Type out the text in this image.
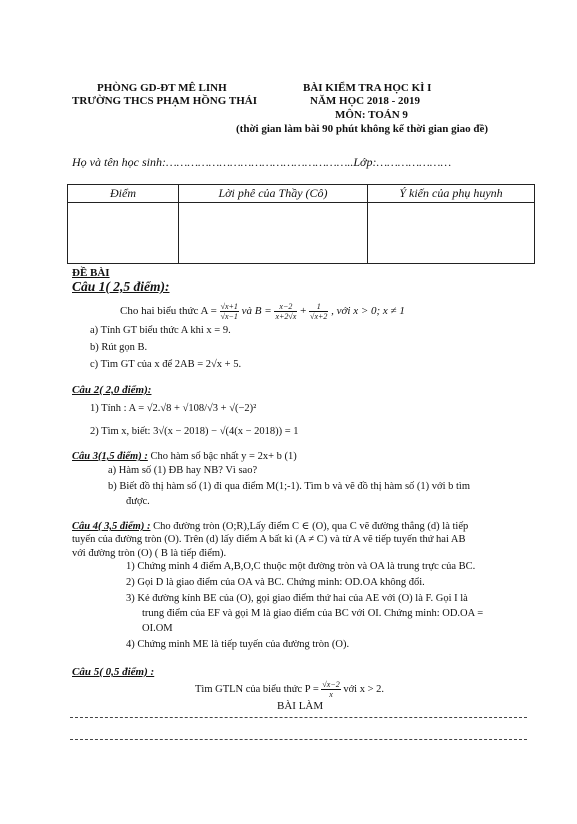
PHÒNG GD-ĐT MÊ LINH
TRƯỜNG THCS PHẠM HỒNG THÁI
BÀI KIỂM TRA HỌC KÌ I
NĂM HỌC 2018 - 2019
MÔN: TOÁN 9
(thời gian làm bài 90 phút không kể thời gian giao đề)
Họ và tên học sinh:……………………………………………..Lớp:…………………
Điểm	Lời phê của Thầy (Cô)	Ý kiến của phụ huynh

ĐỀ BÀI
Câu 1( 2,5 điểm):
Cho hai biểu thức $A = \frac{√x+1}{√x-1}$ và $B = \frac{x-2}{x+2√x} + \frac{1}{√x+2}$ , với x > 0; x ≠ 1
a) Tính GT biểu thức A khi x = 9.
b) Rút gọn B.
c) Tìm GT của x để 2AB = 2√x + 5.
Câu 2( 2,0 điểm):
1) Tính : A = √2.√8 + √108/√3 + √(−2)²
2) Tìm x, biết: 3√(x − 2018) − √(4(x − 2018)) = 1
Câu 3(1,5 điểm) : Cho hàm số bậc nhất y = 2x+ b (1)
a) Hàm số (1) ĐB hay NB? Vì sao?
b) Biết đồ thị hàm số (1) đi qua điểm M(1;-1). Tìm b và vẽ đồ thị hàm số (1) với b tìm
được.
Câu 4( 3,5 điểm) : Cho đường tròn (O;R),Lấy điểm C ∈ (O), qua C vẽ đường thẳng (d) là tiếp
tuyến của đường tròn (O). Trên (d) lấy điểm A bất kì (A ≠ C) và từ A vẽ tiếp tuyến thứ hai AB
với đường tròn (O) ( B là tiếp điểm).
1) Chứng minh 4 điểm A,B,O,C thuộc một đường tròn và OA là trung trực của BC.
2) Gọi D là giao điểm của OA và BC. Chứng minh: OD.OA không đổi.
3) Kẻ đường kính BE của (O), gọi giao điểm thứ hai của AE với (O) là F. Gọi I là
trung điểm của EF và gọi M là giao điểm của BC với OI. Chứng minh: OD.OA =
OI.OM
4) Chứng minh ME là tiếp tuyến của đường tròn (O).
Câu 5( 0,5 điểm) :
Tìm GTLN của biểu thức $P = \frac{√x-2}{x}$ với x > 2.
BÀI LÀM
